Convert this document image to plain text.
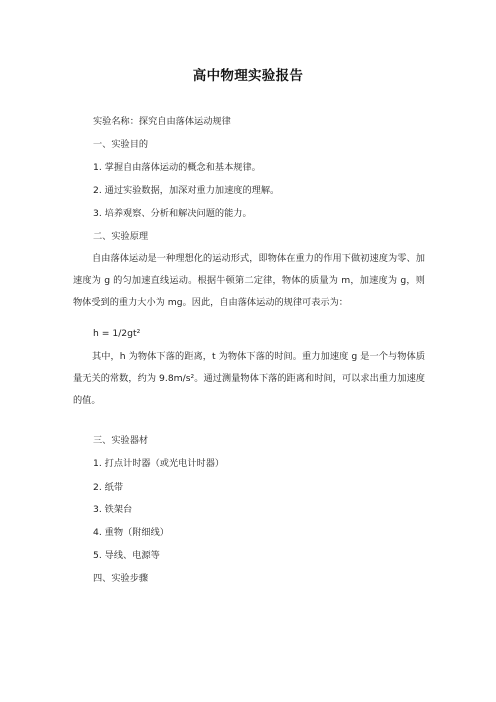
高中物理实验报告
实验名称：探究自由落体运动规律
一、实验目的
1. 掌握自由落体运动的概念和基本规律。
2. 通过实验数据，加深对重力加速度的理解。
3. 培养观察、分析和解决问题的能力。
二、实验原理
自由落体运动是一种理想化的运动形式，即物体在重力的作用下做初速度为零、加速度为 g 的匀加速直线运动。根据牛顿第二定律，物体的质量为 m，加速度为 g，则物体受到的重力大小为 mg。因此，自由落体运动的规律可表示为：
h = 1/2gt²
其中，h 为物体下落的距离，t 为物体下落的时间。重力加速度 g 是一个与物体质量无关的常数，约为 9.8m/s²。通过测量物体下落的距离和时间，可以求出重力加速度的值。
三、实验器材
1. 打点计时器（或光电计时器）
2. 纸带
3. 铁架台
4. 重物（附细线）
5. 导线、电源等
四、实验步骤
